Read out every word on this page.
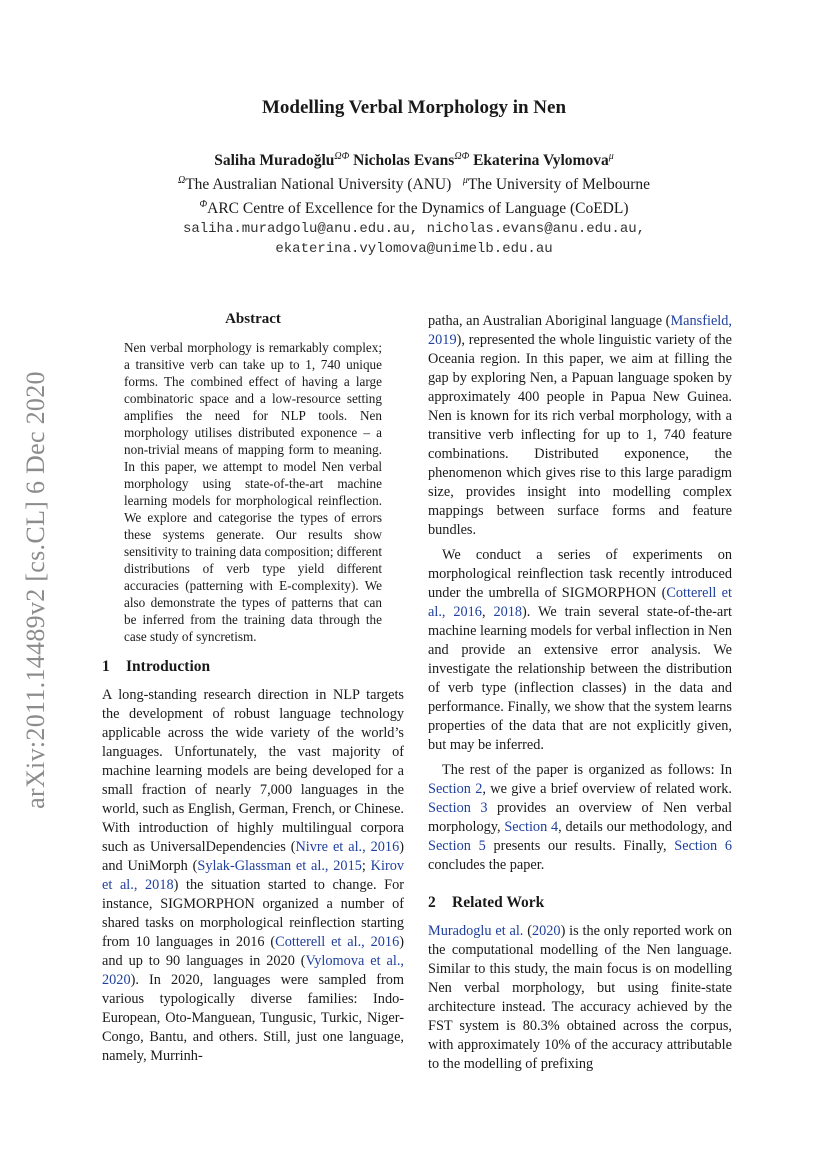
arXiv:2011.14489v2 [cs.CL] 6 Dec 2020
Modelling Verbal Morphology in Nen
Saliha Muradoğlu$^{\Omega\Phi}$ Nicholas Evans$^{\Omega\Phi}$ Ekaterina Vylomova$^\mu$
$^\Omega$The Australian National University (ANU) $^\mu$The University of Melbourne
$^\Phi$ARC Centre of Excellence for the Dynamics of Language (CoEDL)
saliha.muradgolu@anu.edu.au, nicholas.evans@anu.edu.au,
ekaterina.vylomova@unimelb.edu.au
Abstract
Nen verbal morphology is remarkably complex; a transitive verb can take up to 1, 740 unique forms. The combined effect of having a large combinatoric space and a low-resource setting amplifies the need for NLP tools. Nen morphology utilises distributed exponence – a non-trivial means of mapping form to meaning. In this paper, we attempt to model Nen verbal morphology using state-of-the-art machine learning models for morphological reinflection. We explore and categorise the types of errors these systems generate. Our results show sensitivity to training data composition; different distributions of verb type yield different accuracies (patterning with E-complexity). We also demonstrate the types of patterns that can be inferred from the training data through the case study of syncretism.
1 Introduction

A long-standing research direction in NLP targets the development of robust language technology applicable across the wide variety of the world’s languages. Unfortunately, the vast majority of machine learning models are being developed for a small fraction of nearly 7,000 languages in the world, such as English, German, French, or Chinese. With introduction of highly multilingual corpora such as UniversalDependencies (Nivre et al., 2016) and UniMorph (Sylak-Glassman et al., 2015; Kirov et al., 2018) the situation started to change. For instance, SIGMORPHON organized a number of shared tasks on morphological reinflection starting from 10 languages in 2016 (Cotterell et al., 2016) and up to 90 languages in 2020 (Vylomova et al., 2020). In 2020, languages were sampled from various typologically diverse families: Indo-European, Oto-Manguean, Tungusic, Turkic, Niger-Congo, Bantu, and others. Still, just one language, namely, Murrinh-

patha, an Australian Aboriginal language (Mansfield, 2019), represented the whole linguistic variety of the Oceania region. In this paper, we aim at filling the gap by exploring Nen, a Papuan language spoken by approximately 400 people in Papua New Guinea. Nen is known for its rich verbal morphology, with a transitive verb inflecting for up to 1, 740 feature combinations. Distributed exponence, the phenomenon which gives rise to this large paradigm size, provides insight into modelling complex mappings between surface forms and feature bundles.

We conduct a series of experiments on morphological reinflection task recently introduced under the umbrella of SIGMORPHON (Cotterell et al., 2016, 2018). We train several state-of-the-art machine learning models for verbal inflection in Nen and provide an extensive error analysis. We investigate the relationship between the distribution of verb type (inflection classes) in the data and performance. Finally, we show that the system learns properties of the data that are not explicitly given, but may be inferred.

The rest of the paper is organized as follows: In Section 2, we give a brief overview of related work. Section 3 provides an overview of Nen verbal morphology, Section 4, details our methodology, and Section 5 presents our results. Finally, Section 6 concludes the paper.

2 Related Work

Muradoglu et al. (2020) is the only reported work on the computational modelling of the Nen language. Similar to this study, the main focus is on modelling Nen verbal morphology, but using finite-state architecture instead. The accuracy achieved by the FST system is 80.3% obtained across the corpus, with approximately 10% of the accuracy attributable to the modelling of prefixing
